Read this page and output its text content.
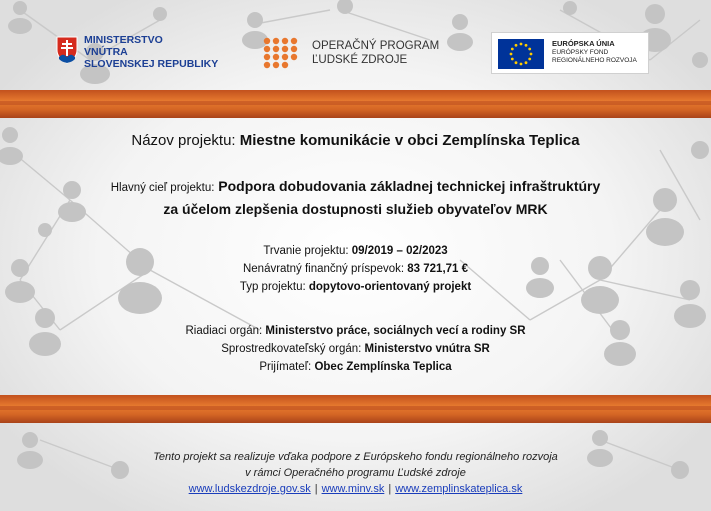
MINISTERSTVO
VNÚTRA
SLOVENSKEJ REPUBLIKY
OPERAČNÝ PROGRAM
ĽUDSKÉ ZDROJE
EURÓPSKA ÚNIA
EURÓPSKY FOND
REGIONÁLNEHO ROZVOJA
Názov projektu: Miestne komunikácie v obci Zemplínska Teplica
Hlavný cieľ projektu: Podpora dobudovania základnej technickej infraštruktúry
za účelom zlepšenia dostupnosti služieb obyvateľov MRK
Trvanie projektu: 09/2019 – 02/2023
Nenávratný finančný príspevok: 83 721,71 €
Typ projektu: dopytovo-orientovaný projekt
Riadiaci orgán: Ministerstvo práce, sociálnych vecí a rodiny SR
Sprostredkovateľský orgán: Ministerstvo vnútra SR
Prijímateľ: Obec Zemplínska Teplica
Tento projekt sa realizuje vďaka podpore z Európskeho fondu regionálneho rozvoja
v rámci Operačného programu Ľudské zdroje
www.ludskezdroje.gov.sk | www.minv.sk | www.zemplinskateplica.sk
